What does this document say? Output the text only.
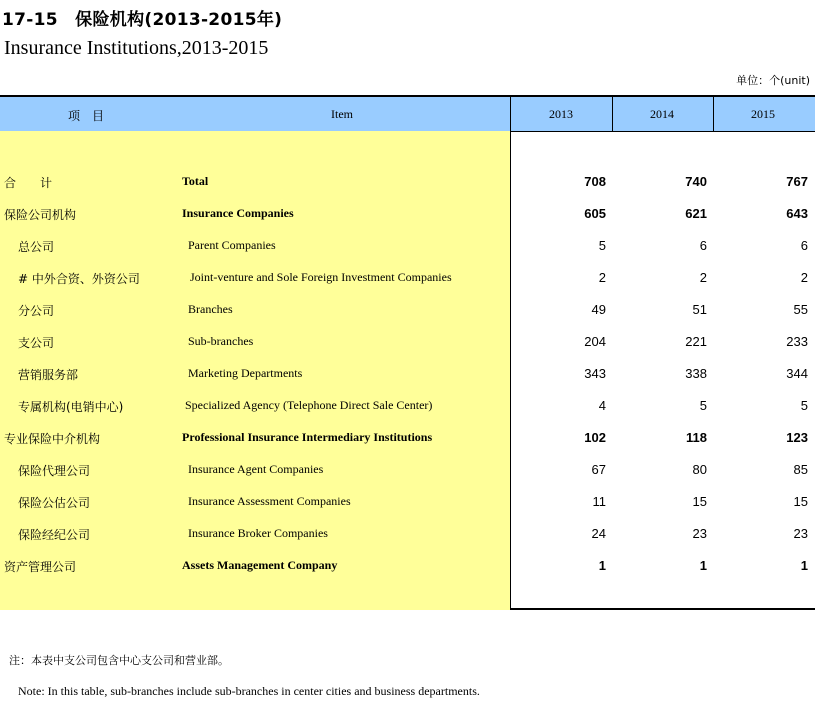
17-15　保险机构(2013-2015年)
Insurance Institutions,2013-2015
单位：个(unit)
项　目	Item	2013	2014	2015
合　　计	Total	708	740	767
保险公司机构	Insurance Companies	605	621	643
总公司	Parent Companies	5	6	6
# 中外合资、外资公司	Joint-venture and Sole Foreign Investment Companies	2	2	2
分公司	Branches	49	51	55
支公司	Sub-branches	204	221	233
营销服务部	Marketing Departments	343	338	344
专属机构(电销中心)	Specialized Agency (Telephone Direct Sale Center)	4	5	5
专业保险中介机构	Professional Insurance Intermediary Institutions	102	118	123
保险代理公司	Insurance Agent Companies	67	80	85
保险公估公司	Insurance Assessment Companies	11	15	15
保险经纪公司	Insurance Broker Companies	24	23	23
资产管理公司	Assets Management Company	1	1	1
注：本表中支公司包含中心支公司和营业部。
Note: In this table, sub-branches include sub-branches in center cities and business departments.
